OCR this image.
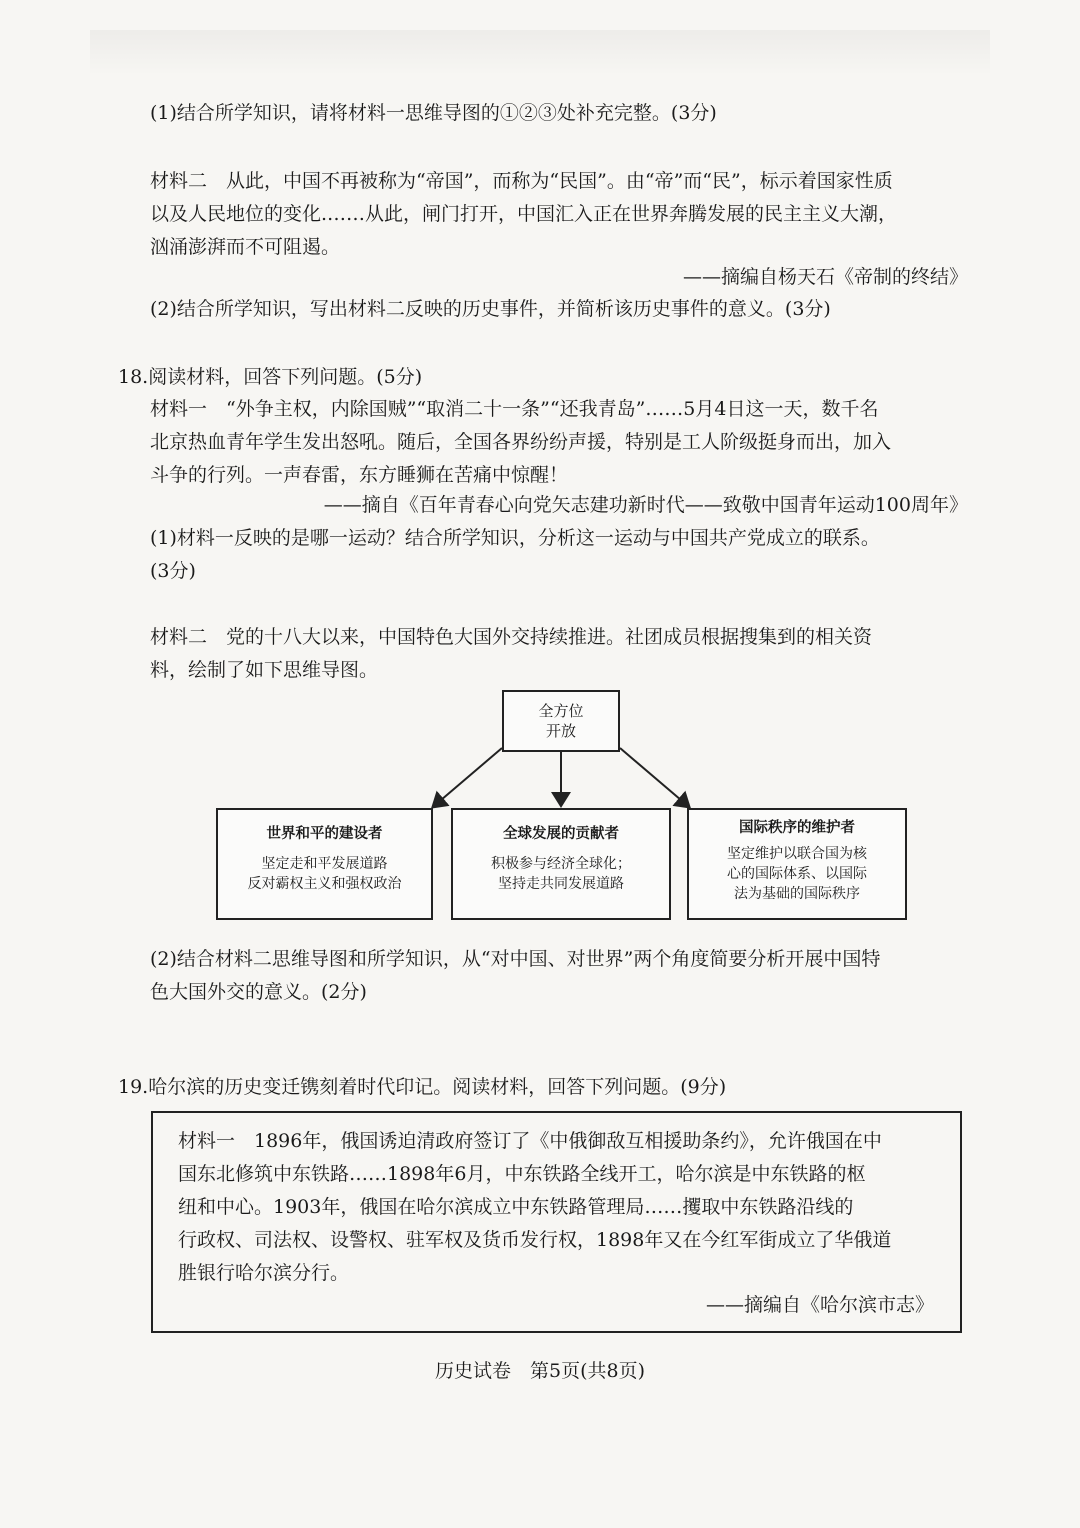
(1)结合所学知识，请将材料一思维导图的①②③处补充完整。(3分)
材料二　从此，中国不再被称为“帝国”，而称为“民国”。由“帝”而“民”，标示着国家性质
以及人民地位的变化.……从此，闸门打开，中国汇入正在世界奔腾发展的民主主义大潮，
汹涌澎湃而不可阻遏。
——摘编自杨天石《帝制的终结》
(2)结合所学知识，写出材料二反映的历史事件，并简析该历史事件的意义。(3分)
18.阅读材料，回答下列问题。(5分)
材料一　“外争主权，内除国贼”“取消二十一条”“还我青岛”……5月4日这一天，数千名
北京热血青年学生发出怒吼。随后，全国各界纷纷声援，特别是工人阶级挺身而出，加入
斗争的行列。一声春雷，东方睡狮在苦痛中惊醒！
——摘自《百年青春心向党矢志建功新时代——致敬中国青年运动100周年》
(1)材料一反映的是哪一运动？结合所学知识，分析这一运动与中国共产党成立的联系。
(3分)
材料二　党的十八大以来，中国特色大国外交持续推进。社团成员根据搜集到的相关资
料，绘制了如下思维导图。
全方位
开放
世界和平的建设者
坚定走和平发展道路
反对霸权主义和强权政治
全球发展的贡献者
积极参与经济全球化；
坚持走共同发展道路
国际秩序的维护者
坚定维护以联合国为核
心的国际体系、以国际
法为基础的国际秩序
(2)结合材料二思维导图和所学知识，从“对中国、对世界”两个角度简要分析开展中国特
色大国外交的意义。(2分)
19.哈尔滨的历史变迁镌刻着时代印记。阅读材料，回答下列问题。(9分)
材料一　1896年，俄国诱迫清政府签订了《中俄御敌互相援助条约》，允许俄国在中
国东北修筑中东铁路……1898年6月，中东铁路全线开工，哈尔滨是中东铁路的枢
纽和中心。1903年，俄国在哈尔滨成立中东铁路管理局……攫取中东铁路沿线的
行政权、司法权、设警权、驻军权及货币发行权，1898年又在今红军街成立了华俄道
胜银行哈尔滨分行。
——摘编自《哈尔滨市志》
历史试卷　第5页(共8页)
